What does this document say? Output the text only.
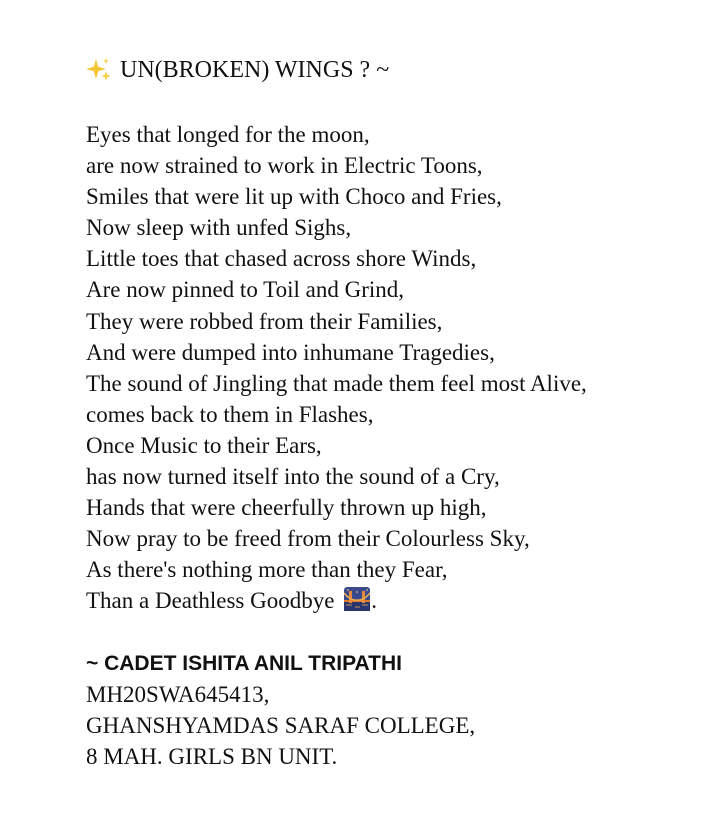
UN(BROKEN) WINGS ? ~
Eyes that longed for the moon,
are now strained to work in Electric Toons,
Smiles that were lit up with Choco and Fries,
Now sleep with unfed Sighs,
Little toes that chased across shore Winds,
Are now pinned to Toil and Grind,
They were robbed from their Families,
And were dumped into inhumane Tragedies,
The sound of Jingling that made them feel most Alive,
comes back to them in Flashes,
Once Music to their Ears,
has now turned itself into the sound of a Cry,
Hands that were cheerfully thrown up high,
Now pray to be freed from their Colourless Sky,
As there's nothing more than they Fear,
Than a Deathless Goodbye .
~ CADET ISHITA ANIL TRIPATHI
MH20SWA645413,
GHANSHYAMDAS SARAF COLLEGE,
8 MAH. GIRLS BN UNIT.
